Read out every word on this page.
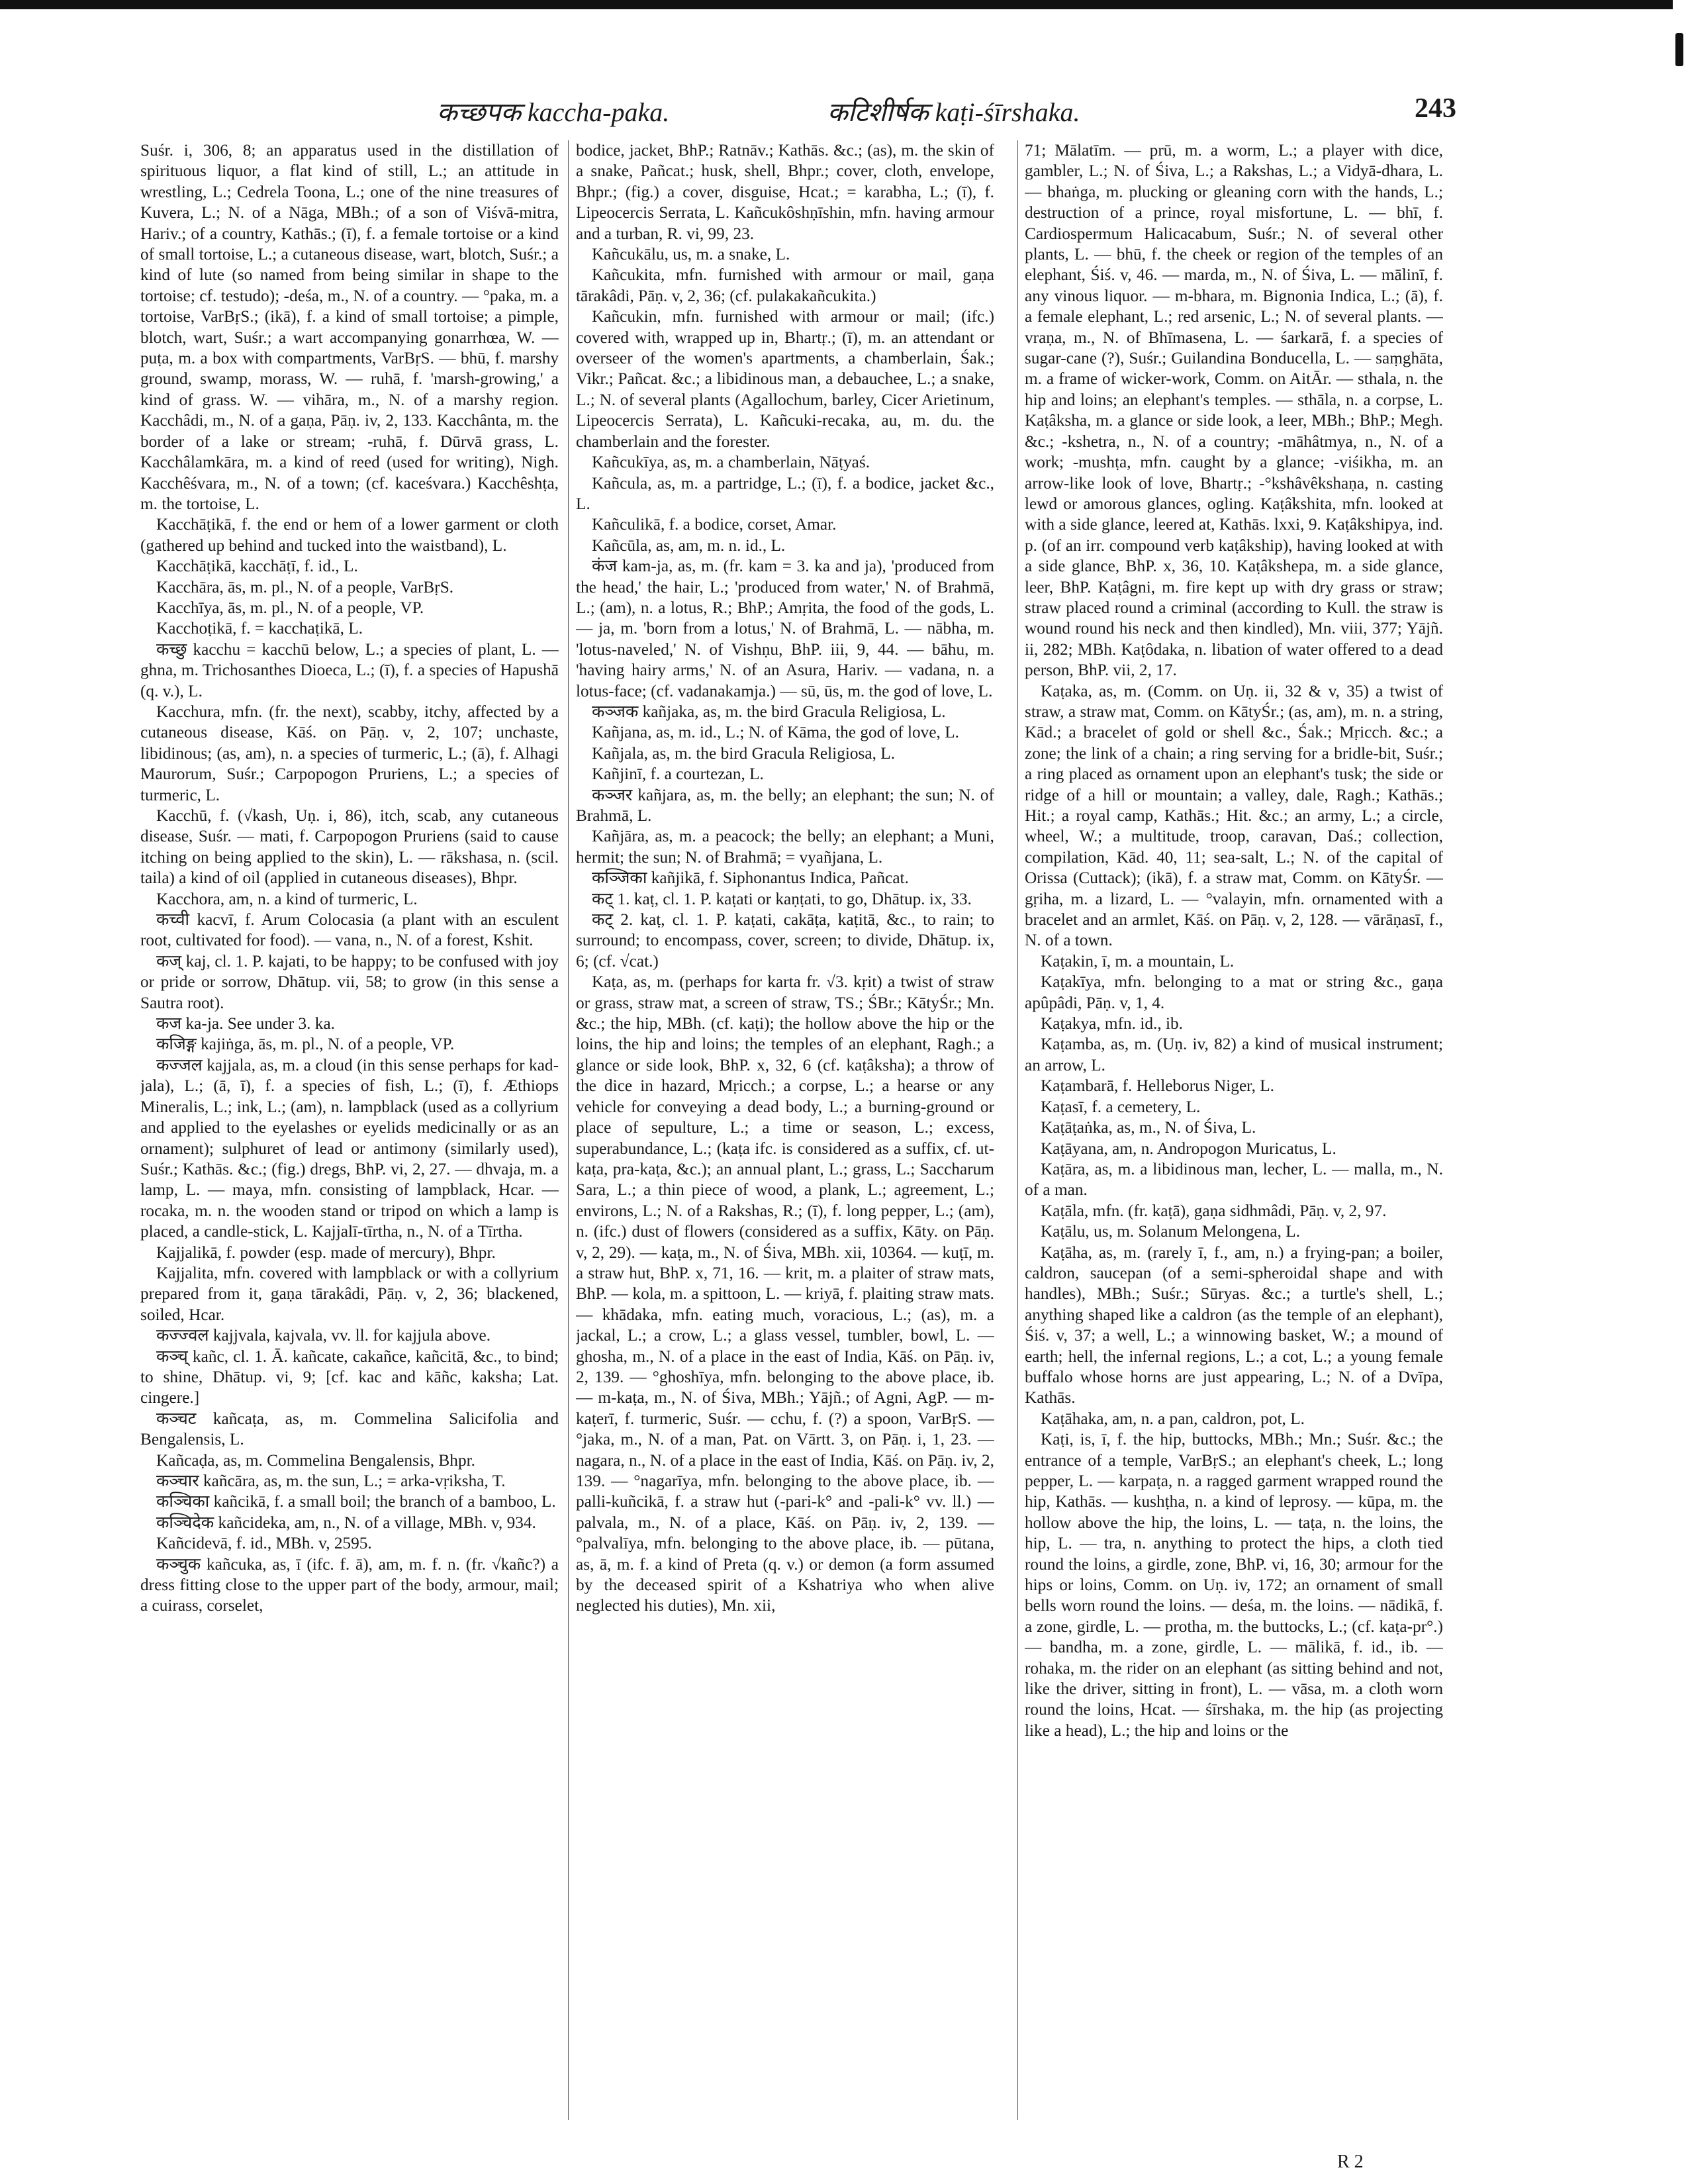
कच्छपक kaccha-paka.	कटिशीर्षक kaṭi-śīrshaka.	243

Suśr. i, 306, 8; an apparatus used in the distillation of spirituous liquor, a flat kind of still, L.; an attitude in wrestling, L.; Cedrela Toona, L.; one of the nine treasures of Kuvera, L.; N. of a Nāga, MBh.; of a son of Viśvā-mitra, Hariv.; of a country, Kathās.; (ī), f. a female tortoise or a kind of small tortoise, L.; a cutaneous disease, wart, blotch, Suśr.; a kind of lute (so named from being similar in shape to the tortoise; cf. testudo); -deśa, m., N. of a country. — °paka, m. a tortoise, VarBṛS.; (ikā), f. a kind of small tortoise; a pimple, blotch, wart, Suśr.; a wart accompanying gonarrhœa, W. — puṭa, m. a box with compartments, VarBṛS. — bhū, f. marshy ground, swamp, morass, W. — ruhā, f. 'marsh-growing,' a kind of grass. W. — vihāra, m., N. of a marshy region. Kacchâdi, m., N. of a gaṇa, Pāṇ. iv, 2, 133. Kacchânta, m. the border of a lake or stream; -ruhā, f. Dūrvā grass, L. Kacchâlamkāra, m. a kind of reed (used for writing), Nigh. Kacchêśvara, m., N. of a town; (cf. kaceśvara.) Kacchêshṭa, m. the tortoise, L.

Kacchāṭikā, f. the end or hem of a lower garment or cloth (gathered up behind and tucked into the waistband), L.

Kacchāṭikā, kacchāṭī, f. id., L.

Kacchāra, ās, m. pl., N. of a people, VarBṛS.

Kacchīya, ās, m. pl., N. of a people, VP.

Kacchoṭikā, f. = kacchaṭikā, L.

कच्छु kacchu = kacchū below, L.; a species of plant, L. — ghna, m. Trichosanthes Dioeca, L.; (ī), f. a species of Hapushā (q. v.), L.

Kacchura, mfn. (fr. the next), scabby, itchy, affected by a cutaneous disease, Kāś. on Pāṇ. v, 2, 107; unchaste, libidinous; (as, am), n. a species of turmeric, L.; (ā), f. Alhagi Maurorum, Suśr.; Carpopogon Pruriens, L.; a species of turmeric, L.

Kacchū, f. (√kash, Uṇ. i, 86), itch, scab, any cutaneous disease, Suśr. — mati, f. Carpopogon Pruriens (said to cause itching on being applied to the skin), L. — rākshasa, n. (scil. taila) a kind of oil (applied in cutaneous diseases), Bhpr.

Kacchora, am, n. a kind of turmeric, L.

कच्वी kacvī, f. Arum Colocasia (a plant with an esculent root, cultivated for food). — vana, n., N. of a forest, Kshit.

कज् kaj, cl. 1. P. kajati, to be happy; to be confused with joy or pride or sorrow, Dhātup. vii, 58; to grow (in this sense a Sautra root).

कज ka-ja. See under 3. ka.

कजिङ्ग kajiṅga, ās, m. pl., N. of a people, VP.

कज्जल kajjala, as, m. a cloud (in this sense perhaps for kad-jala), L.; (ā, ī), f. a species of fish, L.; (ī), f. Æthiops Mineralis, L.; ink, L.; (am), n. lampblack (used as a collyrium and applied to the eyelashes or eyelids medicinally or as an ornament); sulphuret of lead or antimony (similarly used), Suśr.; Kathās. &c.; (fig.) dregs, BhP. vi, 2, 27. — dhvaja, m. a lamp, L. — maya, mfn. consisting of lampblack, Hcar. — rocaka, m. n. the wooden stand or tripod on which a lamp is placed, a candle-stick, L. Kajjalī-tīrtha, n., N. of a Tīrtha.

Kajjalikā, f. powder (esp. made of mercury), Bhpr.

Kajjalita, mfn. covered with lampblack or with a collyrium prepared from it, gaṇa tārakâdi, Pāṇ. v, 2, 36; blackened, soiled, Hcar.

कज्ज्वल kajjvala, kajvala, vv. ll. for kajjula above.

कञ्च् kañc, cl. 1. Ā. kañcate, cakañce, kañcitā, &c., to bind; to shine, Dhātup. vi, 9; [cf. kac and kāñc, kaksha; Lat. cingere.]

कञ्चट kañcaṭa, as, m. Commelina Salicifolia and Bengalensis, L.

Kañcaḍa, as, m. Commelina Bengalensis, Bhpr.

कञ्चार kañcāra, as, m. the sun, L.; = arka-vṛiksha, T.

कञ्चिका kañcikā, f. a small boil; the branch of a bamboo, L.

कञ्चिदेक kañcideka, am, n., N. of a village, MBh. v, 934.

Kañcidevā, f. id., MBh. v, 2595.

कञ्चुक kañcuka, as, ī (ifc. f. ā), am, m. f. n. (fr. √kañc?) a dress fitting close to the upper part of the body, armour, mail; a cuirass, corselet,

bodice, jacket, BhP.; Ratnāv.; Kathās. &c.; (as), m. the skin of a snake, Pañcat.; husk, shell, Bhpr.; cover, cloth, envelope, Bhpr.; (fig.) a cover, disguise, Hcat.; = karabha, L.; (ī), f. Lipeocercis Serrata, L. Kañcukôshṇīshin, mfn. having armour and a turban, R. vi, 99, 23.

Kañcukālu, us, m. a snake, L.

Kañcukita, mfn. furnished with armour or mail, gaṇa tārakâdi, Pāṇ. v, 2, 36; (cf. pulakakañcukita.)

Kañcukin, mfn. furnished with armour or mail; (ifc.) covered with, wrapped up in, Bhartṛ.; (ī), m. an attendant or overseer of the women's apartments, a chamberlain, Śak.; Vikr.; Pañcat. &c.; a libidinous man, a debauchee, L.; a snake, L.; N. of several plants (Agallochum, barley, Cicer Arietinum, Lipeocercis Serrata), L. Kañcuki-recaka, au, m. du. the chamberlain and the forester.

Kañcukīya, as, m. a chamberlain, Nāṭyaś.

Kañcula, as, m. a partridge, L.; (ī), f. a bodice, jacket &c., L.

Kañculikā, f. a bodice, corset, Amar.

Kañcūla, as, am, m. n. id., L.

कंज kam-ja, as, m. (fr. kam = 3. ka and ja), 'produced from the head,' the hair, L.; 'produced from water,' N. of Brahmā, L.; (am), n. a lotus, R.; BhP.; Amṛita, the food of the gods, L. — ja, m. 'born from a lotus,' N. of Brahmā, L. — nābha, m. 'lotus-naveled,' N. of Vishṇu, BhP. iii, 9, 44. — bāhu, m. 'having hairy arms,' N. of an Asura, Hariv. — vadana, n. a lotus-face; (cf. vadanakamja.) — sū, ūs, m. the god of love, L.

कञ्जक kañjaka, as, m. the bird Gracula Religiosa, L.

Kañjana, as, m. id., L.; N. of Kāma, the god of love, L.

Kañjala, as, m. the bird Gracula Religiosa, L.

Kañjinī, f. a courtezan, L.

कञ्जर kañjara, as, m. the belly; an elephant; the sun; N. of Brahmā, L.

Kañjāra, as, m. a peacock; the belly; an elephant; a Muni, hermit; the sun; N. of Brahmā; = vyañjana, L.

कञ्जिका kañjikā, f. Siphonantus Indica, Pañcat.

कट् 1. kaṭ, cl. 1. P. kaṭati or kaṇṭati, to go, Dhātup. ix, 33.

कट् 2. kaṭ, cl. 1. P. kaṭati, cakāṭa, kaṭitā, &c., to rain; to surround; to encompass, cover, screen; to divide, Dhātup. ix, 6; (cf. √cat.)

Kaṭa, as, m. (perhaps for karta fr. √3. kṛit) a twist of straw or grass, straw mat, a screen of straw, TS.; ŚBr.; KātyŚr.; Mn. &c.; the hip, MBh. (cf. kaṭi); the hollow above the hip or the loins, the hip and loins; the temples of an elephant, Ragh.; a glance or side look, BhP. x, 32, 6 (cf. kaṭâksha); a throw of the dice in hazard, Mṛicch.; a corpse, L.; a hearse or any vehicle for conveying a dead body, L.; a burning-ground or place of sepulture, L.; a time or season, L.; excess, superabundance, L.; (kaṭa ifc. is considered as a suffix, cf. ut-kaṭa, pra-kaṭa, &c.); an annual plant, L.; grass, L.; Saccharum Sara, L.; a thin piece of wood, a plank, L.; agreement, L.; environs, L.; N. of a Rakshas, R.; (ī), f. long pepper, L.; (am), n. (ifc.) dust of flowers (considered as a suffix, Kāty. on Pāṇ. v, 2, 29). — kaṭa, m., N. of Śiva, MBh. xii, 10364. — kuṭī, m. a straw hut, BhP. x, 71, 16. — krit, m. a plaiter of straw mats, BhP. — kola, m. a spittoon, L. — kriyā, f. plaiting straw mats. — khādaka, mfn. eating much, voracious, L.; (as), m. a jackal, L.; a crow, L.; a glass vessel, tumbler, bowl, L. — ghosha, m., N. of a place in the east of India, Kāś. on Pāṇ. iv, 2, 139. — °ghoshīya, mfn. belonging to the above place, ib. — m-kaṭa, m., N. of Śiva, MBh.; Yājñ.; of Agni, AgP. — m-kaṭerī, f. turmeric, Suśr. — cchu, f. (?) a spoon, VarBṛS. — °jaka, m., N. of a man, Pat. on Vārtt. 3, on Pāṇ. i, 1, 23. — nagara, n., N. of a place in the east of India, Kāś. on Pāṇ. iv, 2, 139. — °nagarīya, mfn. belonging to the above place, ib. — palli-kuñcikā, f. a straw hut (-pari-k° and -pali-k° vv. ll.) — palvala, m., N. of a place, Kāś. on Pāṇ. iv, 2, 139. — °palvalīya, mfn. belonging to the above place, ib. — pūtana, as, ā, m. f. a kind of Preta (q. v.) or demon (a form assumed by the deceased spirit of a Kshatriya who when alive neglected his duties), Mn. xii,

71; Mālatīm. — prū, m. a worm, L.; a player with dice, gambler, L.; N. of Śiva, L.; a Rakshas, L.; a Vidyā-dhara, L. — bhaṅga, m. plucking or gleaning corn with the hands, L.; destruction of a prince, royal misfortune, L. — bhī, f. Cardiospermum Halicacabum, Suśr.; N. of several other plants, L. — bhū, f. the cheek or region of the temples of an elephant, Śiś. v, 46. — marda, m., N. of Śiva, L. — mālinī, f. any vinous liquor. — m-bhara, m. Bignonia Indica, L.; (ā), f. a female elephant, L.; red arsenic, L.; N. of several plants. — vraṇa, m., N. of Bhīmasena, L. — śarkarā, f. a species of sugar-cane (?), Suśr.; Guilandina Bonducella, L. — saṃghāta, m. a frame of wicker-work, Comm. on AitĀr. — sthala, n. the hip and loins; an elephant's temples. — sthāla, n. a corpse, L. Kaṭâksha, m. a glance or side look, a leer, MBh.; BhP.; Megh. &c.; -kshetra, n., N. of a country; -māhâtmya, n., N. of a work; -mushṭa, mfn. caught by a glance; -viśikha, m. an arrow-like look of love, Bhartṛ.; -°kshâvêkshaṇa, n. casting lewd or amorous glances, ogling. Kaṭâkshita, mfn. looked at with a side glance, leered at, Kathās. lxxi, 9. Kaṭâkshipya, ind. p. (of an irr. compound verb kaṭâkship), having looked at with a side glance, BhP. x, 36, 10. Kaṭâkshepa, m. a side glance, leer, BhP. Kaṭâgni, m. fire kept up with dry grass or straw; straw placed round a criminal (according to Kull. the straw is wound round his neck and then kindled), Mn. viii, 377; Yājñ. ii, 282; MBh. Kaṭôdaka, n. libation of water offered to a dead person, BhP. vii, 2, 17.

Kaṭaka, as, m. (Comm. on Uṇ. ii, 32 & v, 35) a twist of straw, a straw mat, Comm. on KātyŚr.; (as, am), m. n. a string, Kād.; a bracelet of gold or shell &c., Śak.; Mṛicch. &c.; a zone; the link of a chain; a ring serving for a bridle-bit, Suśr.; a ring placed as ornament upon an elephant's tusk; the side or ridge of a hill or mountain; a valley, dale, Ragh.; Kathās.; Hit.; a royal camp, Kathās.; Hit. &c.; an army, L.; a circle, wheel, W.; a multitude, troop, caravan, Daś.; collection, compilation, Kād. 40, 11; sea-salt, L.; N. of the capital of Orissa (Cuttack); (ikā), f. a straw mat, Comm. on KātyŚr. — gṛiha, m. a lizard, L. — °valayin, mfn. ornamented with a bracelet and an armlet, Kāś. on Pāṇ. v, 2, 128. — vārāṇasī, f., N. of a town.

Kaṭakin, ī, m. a mountain, L.

Kaṭakīya, mfn. belonging to a mat or string &c., gaṇa apûpâdi, Pāṇ. v, 1, 4.

Kaṭakya, mfn. id., ib.

Kaṭamba, as, m. (Uṇ. iv, 82) a kind of musical instrument; an arrow, L.

Kaṭambarā, f. Helleborus Niger, L.

Kaṭasī, f. a cemetery, L.

Kaṭāṭaṅka, as, m., N. of Śiva, L.

Kaṭāyana, am, n. Andropogon Muricatus, L.

Kaṭāra, as, m. a libidinous man, lecher, L. — malla, m., N. of a man.

Kaṭāla, mfn. (fr. kaṭā), gaṇa sidhmâdi, Pāṇ. v, 2, 97.

Kaṭālu, us, m. Solanum Melongena, L.

Kaṭāha, as, m. (rarely ī, f., am, n.) a frying-pan; a boiler, caldron, saucepan (of a semi-spheroidal shape and with handles), MBh.; Suśr.; Sūryas. &c.; a turtle's shell, L.; anything shaped like a caldron (as the temple of an elephant), Śiś. v, 37; a well, L.; a winnowing basket, W.; a mound of earth; hell, the infernal regions, L.; a cot, L.; a young female buffalo whose horns are just appearing, L.; N. of a Dvīpa, Kathās.

Kaṭāhaka, am, n. a pan, caldron, pot, L.

Kaṭi, is, ī, f. the hip, buttocks, MBh.; Mn.; Suśr. &c.; the entrance of a temple, VarBṛS.; an elephant's cheek, L.; long pepper, L. — karpaṭa, n. a ragged garment wrapped round the hip, Kathās. — kushṭha, n. a kind of leprosy. — kūpa, m. the hollow above the hip, the loins, L. — taṭa, n. the loins, the hip, L. — tra, n. anything to protect the hips, a cloth tied round the loins, a girdle, zone, BhP. vi, 16, 30; armour for the hips or loins, Comm. on Uṇ. iv, 172; an ornament of small bells worn round the loins. — deśa, m. the loins. — nādikā, f. a zone, girdle, L. — protha, m. the buttocks, L.; (cf. kaṭa-pr°.) — bandha, m. a zone, girdle, L. — mālikā, f. id., ib. — rohaka, m. the rider on an elephant (as sitting behind and not, like the driver, sitting in front), L. — vāsa, m. a cloth worn round the loins, Hcat. — śīrshaka, m. the hip (as projecting like a head), L.; the hip and loins or the

R 2
